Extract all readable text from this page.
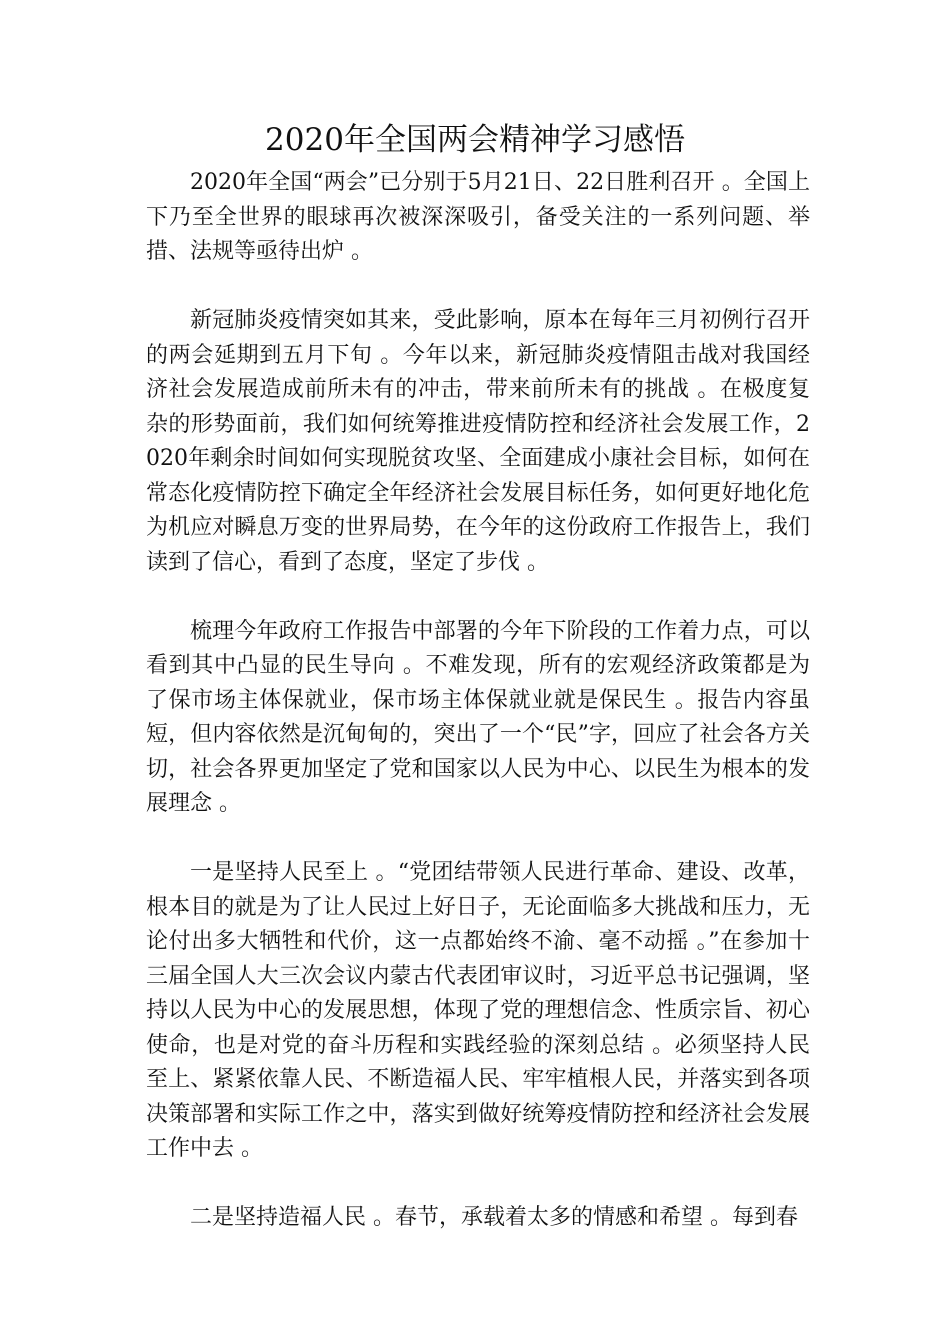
2020年全国两会精神学习感悟

2020年全国“两会”已分别于5月21日、22日胜利召开 。全国上下乃至全世界的眼球再次被深深吸引，备受关注的一系列问题、举措、法规等亟待出炉 。

新冠肺炎疫情突如其来，受此影响，原本在每年三月初例行召开的两会延期到五月下旬 。今年以来，新冠肺炎疫情阻击战对我国经济社会发展造成前所未有的冲击，带来前所未有的挑战 。在极度复杂的形势面前，我们如何统筹推进疫情防控和经济社会发展工作，2020年剩余时间如何实现脱贫攻坚、全面建成小康社会目标，如何在常态化疫情防控下确定全年经济社会发展目标任务，如何更好地化危为机应对瞬息万变的世界局势，在今年的这份政府工作报告上，我们读到了信心，看到了态度，坚定了步伐 。

梳理今年政府工作报告中部署的今年下阶段的工作着力点，可以看到其中凸显的民生导向 。不难发现，所有的宏观经济政策都是为了保市场主体保就业，保市场主体保就业就是保民生 。报告内容虽短，但内容依然是沉甸甸的，突出了一个“民”字，回应了社会各方关切，社会各界更加坚定了党和国家以人民为中心、以民生为根本的发展理念 。

一是坚持人民至上 。“党团结带领人民进行革命、建设、改革，根本目的就是为了让人民过上好日子，无论面临多大挑战和压力，无论付出多大牺牲和代价，这一点都始终不渝、毫不动摇 。”在参加十三届全国人大三次会议内蒙古代表团审议时，习近平总书记强调，坚持以人民为中心的发展思想，体现了党的理想信念、性质宗旨、初心使命，也是对党的奋斗历程和实践经验的深刻总结 。必须坚持人民至上、紧紧依靠人民、不断造福人民、牢牢植根人民，并落实到各项决策部署和实际工作之中，落实到做好统筹疫情防控和经济社会发展工作中去 。

二是坚持造福人民 。春节，承载着太多的情感和希望 。每到春
